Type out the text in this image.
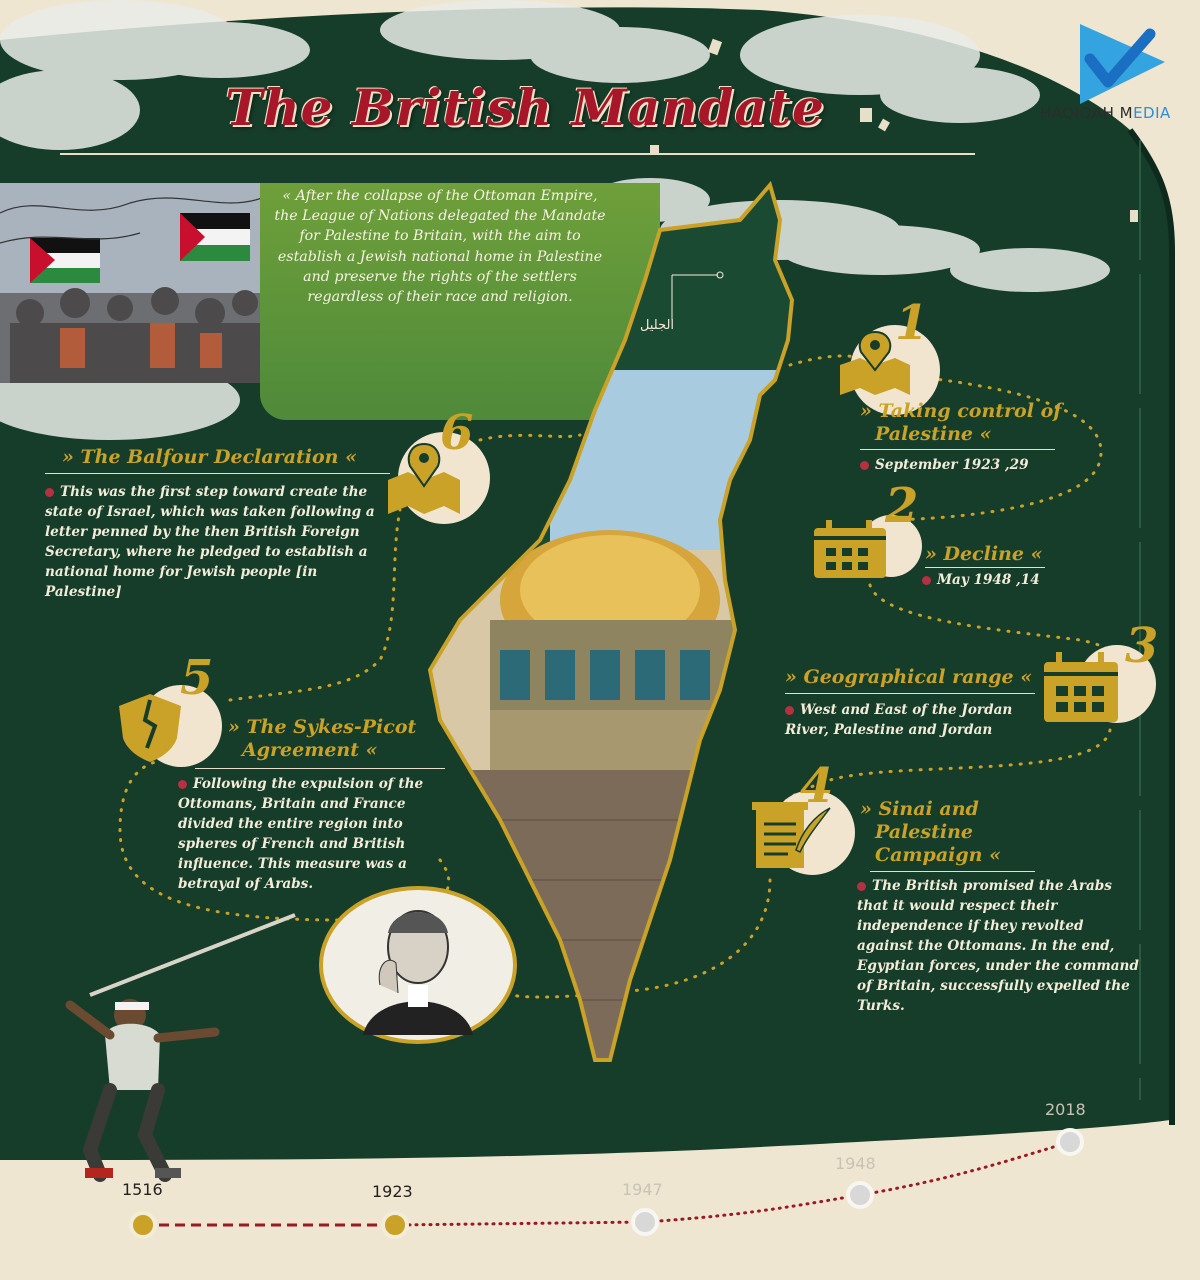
The British Mandate	HAQIQAH MEDIA
« After the collapse of the Ottoman Empire, the League of Nations delegated the Mandate for Palestine to Britain, with the aim to establish a Jewish national home in Palestine and preserve the rights of the settlers regardless of their race and religion.
الجليل	1
» Taking control of
Palestine «
September 1923 ,29
2
» Decline «
May 1948 ,14
3
» Geographical range «
West and East of the Jordan River, Palestine and Jordan
4 » Sinai and
Palestine
Campaign «
The British promised the Arabs that it would respect their independence if they revolted against the Ottomans. In the end, Egyptian forces, under the command of Britain, successfully expelled the Turks.
5
» The Sykes-Picot
Agreement «
Following the expulsion of the Ottomans, Britain and France divided the entire region into spheres of French and British influence. This measure was a betrayal of Arabs.
6
» The Balfour Declaration «
This was the first step toward create the state of Israel, which was taken following a letter penned by the then British Foreign Secretary, where he pledged to establish a national home for Jewish people [in Palestine]
1516	1923	1947
1948
2018
